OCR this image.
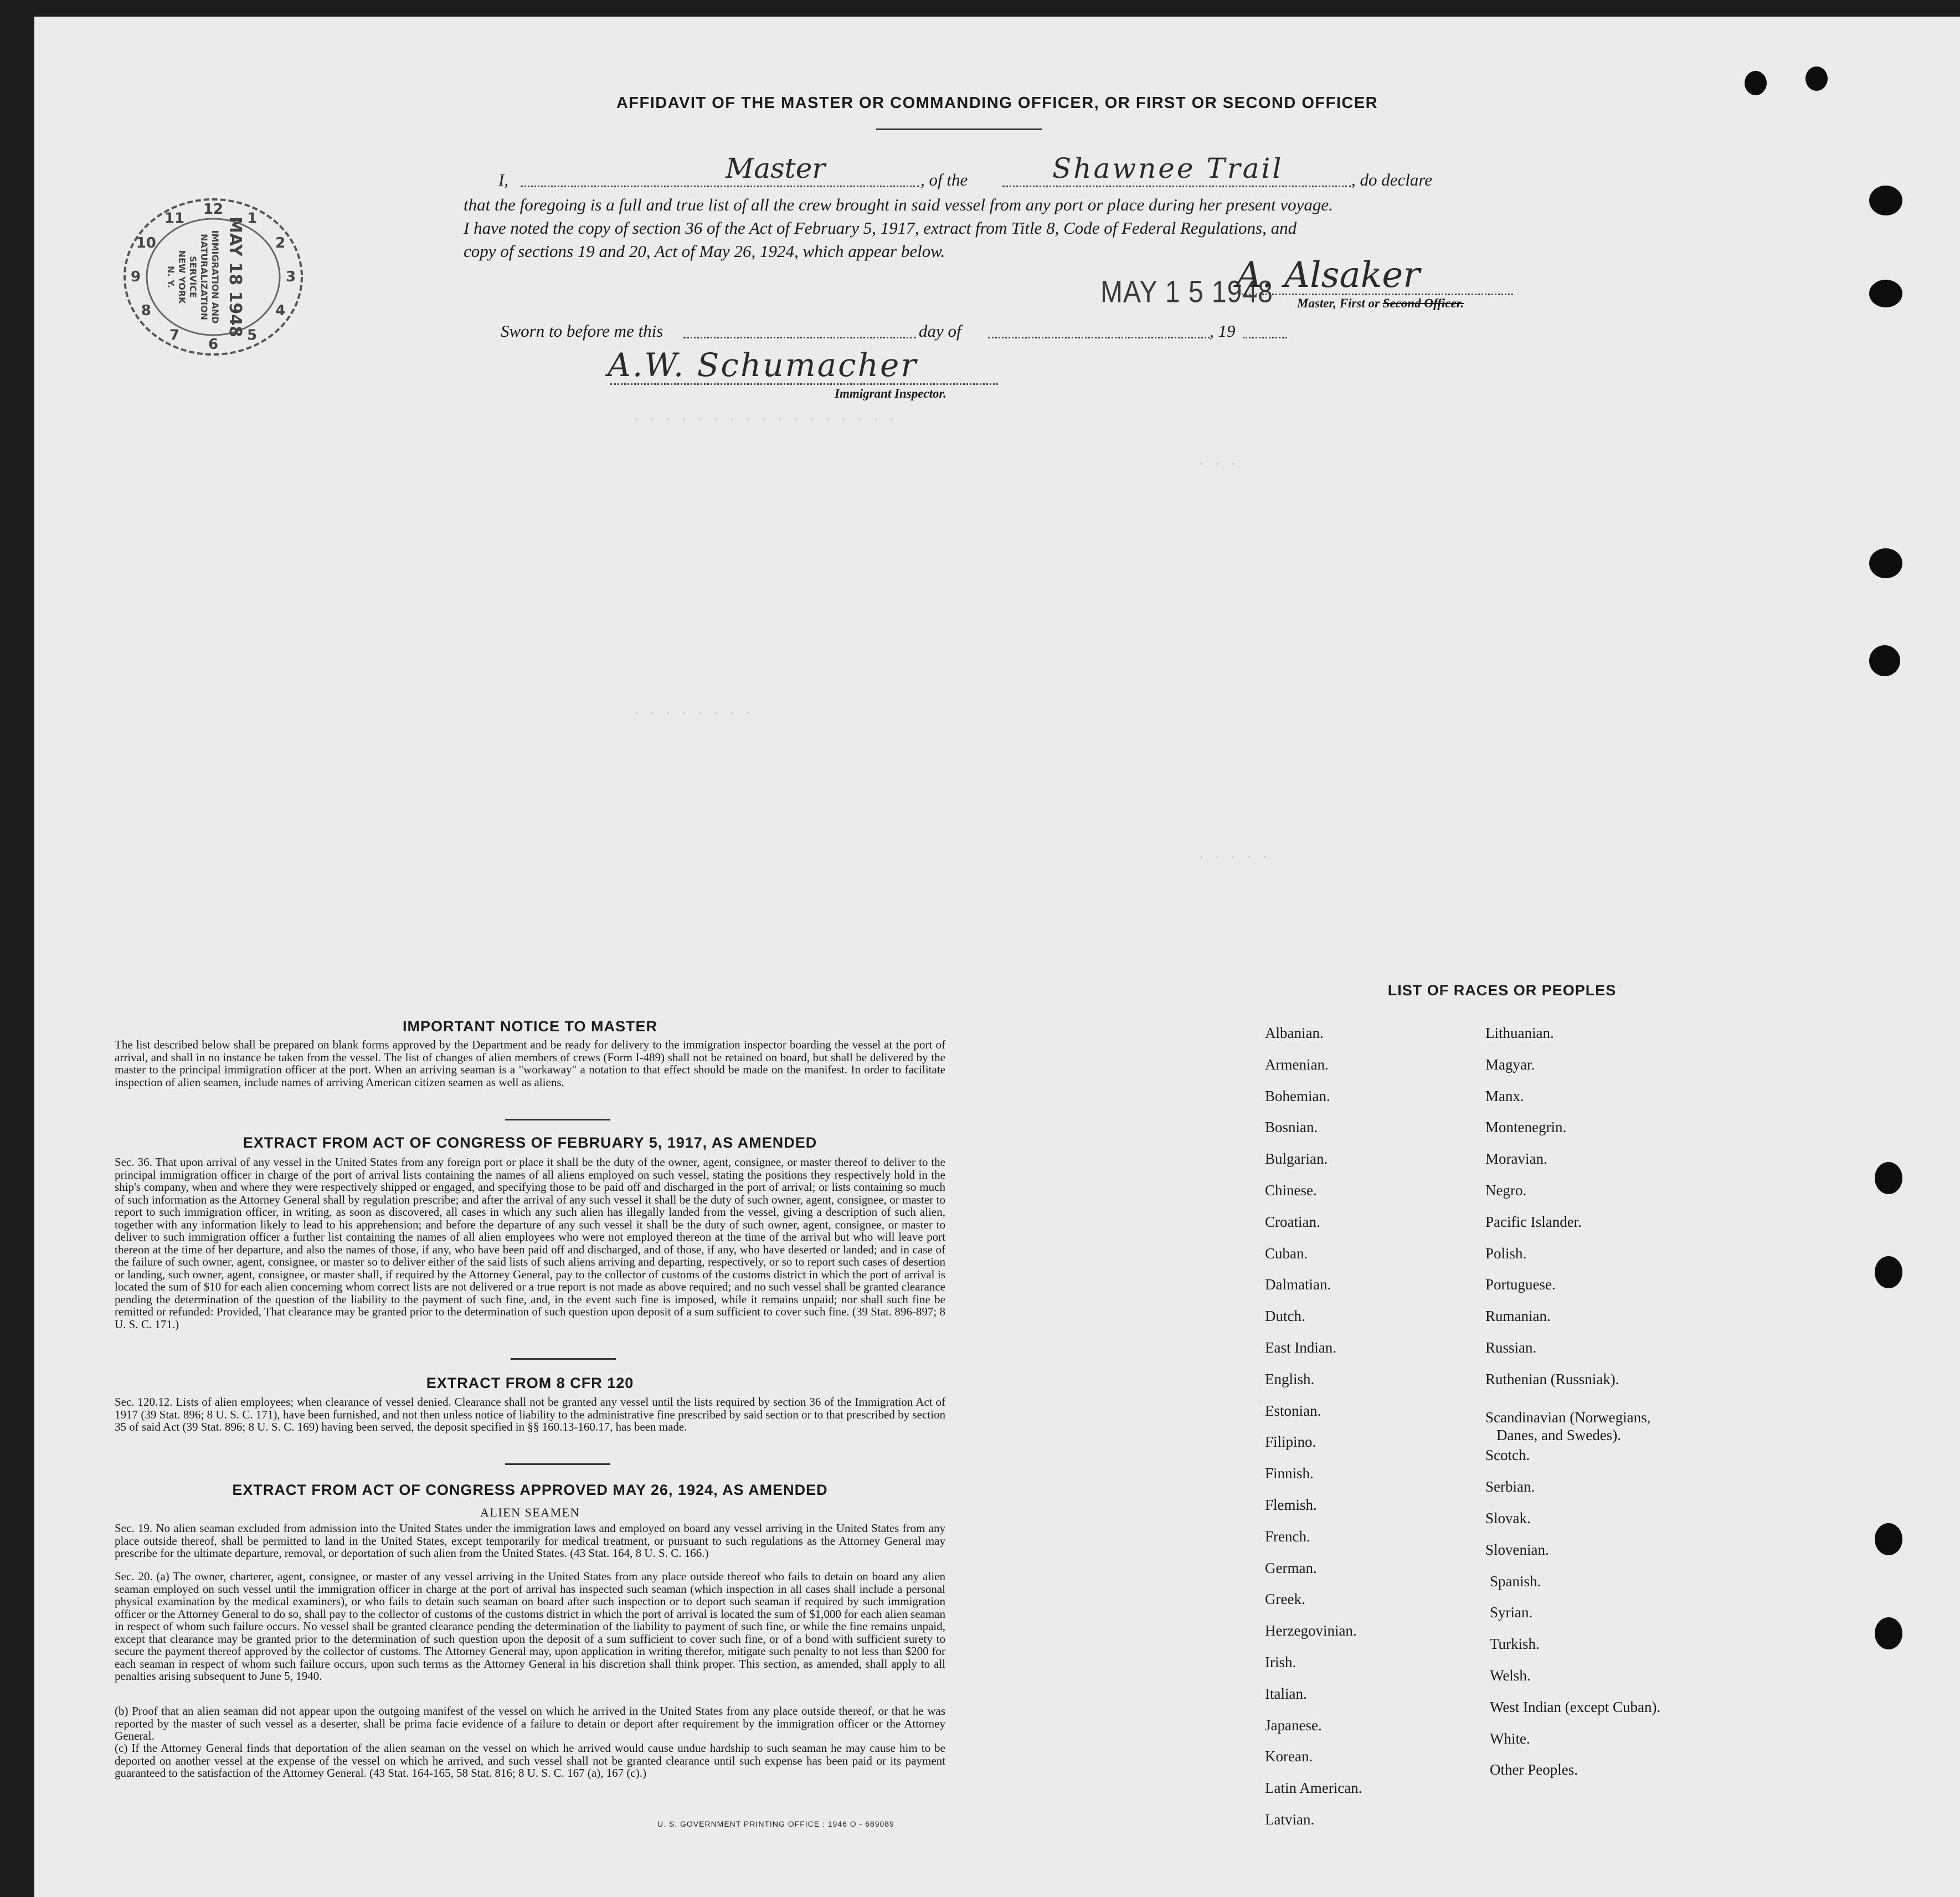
. . . . . . . . . . . . . . . . .
. . .
. . . . . . . .
. . . . .
AFFIDAVIT OF THE MASTER OR COMMANDING OFFICER, OR FIRST OR SECOND OFFICER
I,	Master	, of the	Shawnee Trail	, do declare
that the foregoing is a full and true list of all the crew brought in said vessel from any port or place during her present voyage.
I have noted the copy of section 36 of the Act of February 5, 1917, extract from Title 8, Code of Federal Regulations, and
copy of sections 19 and 20, Act of May 26, 1924, which appear below.
MAY 1 5 1948
A. Alsaker
Master, First or Second Officer.
Sworn to before me this	day of	, 19
A.W. Schumacher
Immigrant Inspector.
12
1
2
3
4
5
6
7
8
9
10
11 MAY 18 1948
IMMIGRATION AND
NATURALIZATION
SERVICE
NEW YORK
N. Y.
IMPORTANT NOTICE TO MASTER
The list described below shall be prepared on blank forms approved by the Department and be ready for delivery to the immigration inspector boarding the vessel at the port of arrival, and shall in no instance be taken from the vessel. The list of changes of alien members of crews (Form I-489) shall not be retained on board, but shall be delivered by the master to the principal immigration officer at the port. When an arriving seaman is a "workaway" a notation to that effect should be made on the manifest. In order to facilitate inspection of alien seamen, include names of arriving American citizen seamen as well as aliens.
EXTRACT FROM ACT OF CONGRESS OF FEBRUARY 5, 1917, AS AMENDED
Sec. 36. That upon arrival of any vessel in the United States from any foreign port or place it shall be the duty of the owner, agent, consignee, or master thereof to deliver to the principal immigration officer in charge of the port of arrival lists containing the names of all aliens employed on such vessel, stating the positions they respectively hold in the ship's company, when and where they were respectively shipped or engaged, and specifying those to be paid off and discharged in the port of arrival; or lists containing so much of such information as the Attorney General shall by regulation prescribe; and after the arrival of any such vessel it shall be the duty of such owner, agent, consignee, or master to report to such immigration officer, in writing, as soon as discovered, all cases in which any such alien has illegally landed from the vessel, giving a description of such alien, together with any information likely to lead to his apprehension; and before the departure of any such vessel it shall be the duty of such owner, agent, consignee, or master to deliver to such immigration officer a further list containing the names of all alien employees who were not employed thereon at the time of the arrival but who will leave port thereon at the time of her departure, and also the names of those, if any, who have been paid off and discharged, and of those, if any, who have deserted or landed; and in case of the failure of such owner, agent, consignee, or master so to deliver either of the said lists of such aliens arriving and departing, respectively, or so to report such cases of desertion or landing, such owner, agent, consignee, or master shall, if required by the Attorney General, pay to the collector of customs of the customs district in which the port of arrival is located the sum of $10 for each alien concerning whom correct lists are not delivered or a true report is not made as above required; and no such vessel shall be granted clearance pending the determination of the question of the liability to the payment of such fine, and, in the event such fine is imposed, while it remains unpaid; nor shall such fine be remitted or refunded: Provided, That clearance may be granted prior to the determination of such question upon deposit of a sum sufficient to cover such fine. (39 Stat. 896-897; 8 U. S. C. 171.)
EXTRACT FROM 8 CFR 120
Sec. 120.12. Lists of alien employees; when clearance of vessel denied. Clearance shall not be granted any vessel until the lists required by section 36 of the Immigration Act of 1917 (39 Stat. 896; 8 U. S. C. 171), have been furnished, and not then unless notice of liability to the administrative fine prescribed by said section or to that prescribed by section 35 of said Act (39 Stat. 896; 8 U. S. C. 169) having been served, the deposit specified in §§ 160.13-160.17, has been made.
EXTRACT FROM ACT OF CONGRESS APPROVED MAY 26, 1924, AS AMENDED
ALIEN SEAMEN
Sec. 19. No alien seaman excluded from admission into the United States under the immigration laws and employed on board any vessel arriving in the United States from any place outside thereof, shall be permitted to land in the United States, except temporarily for medical treatment, or pursuant to such regulations as the Attorney General may prescribe for the ultimate departure, removal, or deportation of such alien from the United States. (43 Stat. 164, 8 U. S. C. 166.)
Sec. 20. (a) The owner, charterer, agent, consignee, or master of any vessel arriving in the United States from any place outside thereof who fails to detain on board any alien seaman employed on such vessel until the immigration officer in charge at the port of arrival has inspected such seaman (which inspection in all cases shall include a personal physical examination by the medical examiners), or who fails to detain such seaman on board after such inspection or to deport such seaman if required by such immigration officer or the Attorney General to do so, shall pay to the collector of customs of the customs district in which the port of arrival is located the sum of $1,000 for each alien seaman in respect of whom such failure occurs. No vessel shall be granted clearance pending the determination of the liability to payment of such fine, or while the fine remains unpaid, except that clearance may be granted prior to the determination of such question upon the deposit of a sum sufficient to cover such fine, or of a bond with sufficient surety to secure the payment thereof approved by the collector of customs. The Attorney General may, upon application in writing therefor, mitigate such penalty to not less than $200 for each seaman in respect of whom such failure occurs, upon such terms as the Attorney General in his discretion shall think proper. This section, as amended, shall apply to all penalties arising subsequent to June 5, 1940.
(b) Proof that an alien seaman did not appear upon the outgoing manifest of the vessel on which he arrived in the United States from any place outside thereof, or that he was reported by the master of such vessel as a deserter, shall be prima facie evidence of a failure to detain or deport after requirement by the immigration officer or the Attorney General.
(c) If the Attorney General finds that deportation of the alien seaman on the vessel on which he arrived would cause undue hardship to such seaman he may cause him to be deported on another vessel at the expense of the vessel on which he arrived, and such vessel shall not be granted clearance until such expense has been paid or its payment guaranteed to the satisfaction of the Attorney General. (43 Stat. 164-165, 58 Stat. 816; 8 U. S. C. 167 (a), 167 (c).)
U. S. GOVERNMENT PRINTING OFFICE : 1946 O - 689089
LIST OF RACES OR PEOPLES
Albanian.
Armenian.
Bohemian.
Bosnian.
Bulgarian.
Chinese.
Croatian.
Cuban.
Dalmatian.
Dutch.
East Indian.
English.
Estonian.
Filipino.
Finnish.
Flemish.
French.
German.
Greek.
Herzegovinian.
Irish.
Italian.
Japanese.
Korean.
Latin American.
Latvian.
Lithuanian.
Magyar.
Manx.
Montenegrin.
Moravian.
Negro.
Pacific Islander.
Polish.
Portuguese.
Rumanian.
Russian.
Ruthenian (Russniak).
Scandinavian (Norwegians,
Danes, and Swedes).
Scotch.
Serbian.
Slovak.
Slovenian.
Spanish.
Syrian.
Turkish.
Welsh.
West Indian (except Cuban).
White.
Other Peoples.
